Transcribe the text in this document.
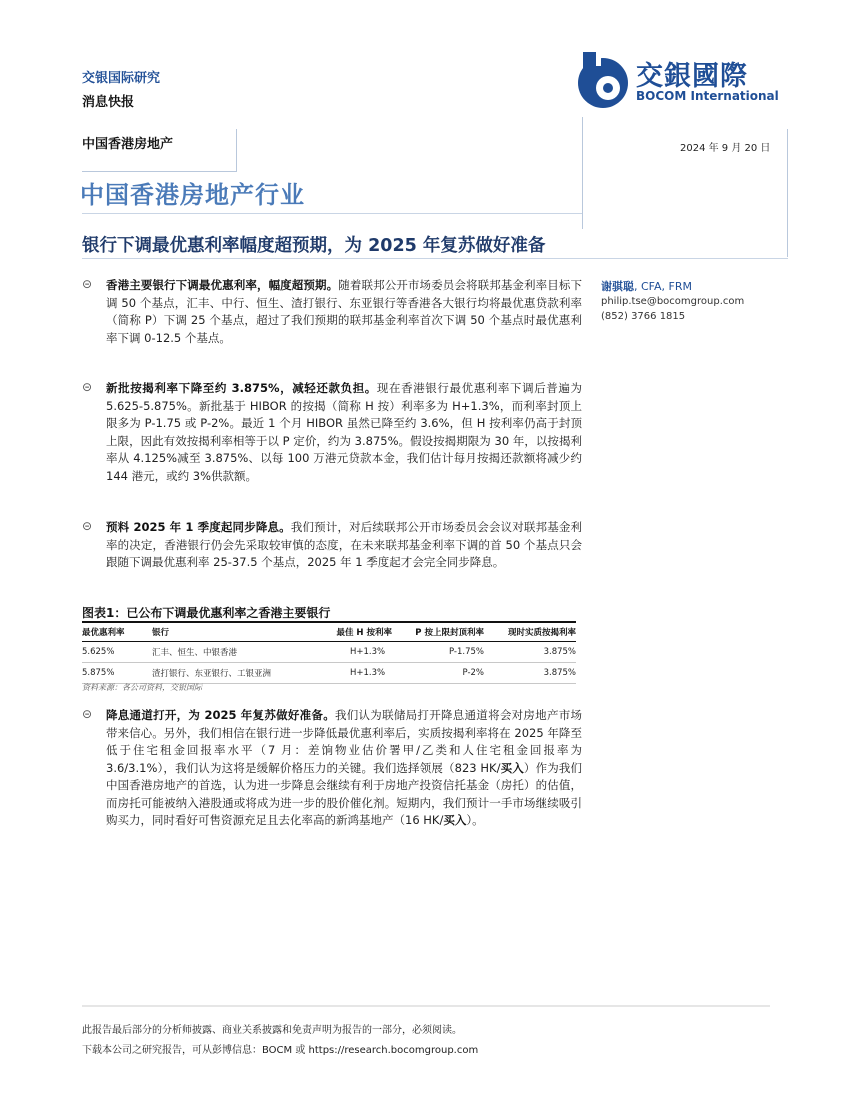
交银国际研究
消息快报
交銀國際
BOCOM International
中国香港房地产	2024 年 9 月 20 日
中国香港房地产行业
银行下调最优惠利率幅度超预期，为 2025 年复苏做好准备
谢骐聪, CFA, FRM
philip.tse@bocomgroup.com
(852) 3766 1815
⊝ 香港主要银行下调最优惠利率，幅度超预期。随着联邦公开市场委员会将联邦基金利率目标下调 50 个基点，汇丰、中行、恒生、渣打银行、东亚银行等香港各大银行均将最优惠贷款利率（简称 P）下调 25 个基点，超过了我们预期的联邦基金利率首次下调 50 个基点时最优惠利率下调 0-12.5 个基点。
⊝ 新批按揭利率下降至约 3.875%，减轻还款负担。现在香港银行最优惠利率下调后普遍为 5.625-5.875%。新批基于 HIBOR 的按揭（简称 H 按）利率多为 H+1.3%，而利率封顶上限多为 P-1.75 或 P-2%。最近 1 个月 HIBOR 虽然已降至约 3.6%，但 H 按利率仍高于封顶上限，因此有效按揭利率相等于以 P 定价，约为 3.875%。假设按揭期限为 30 年，以按揭利率从 4.125%减至 3.875%、以每 100 万港元贷款本金，我们估计每月按揭还款额将减少约 144 港元，或约 3%供款额。
⊝ 预料 2025 年 1 季度起同步降息。我们预计，对后续联邦公开市场委员会会议对联邦基金利率的决定，香港银行仍会先采取较审慎的态度，在未来联邦基金利率下调的首 50 个基点只会跟随下调最优惠利率 25-37.5 个基点，2025 年 1 季度起才会完全同步降息。
图表1：已公布下调最优惠利率之香港主要银行
最优惠利率	银行	最佳 H 按利率	P 按上限封顶利率	现时实质按揭利率
5.625%	汇丰、恒生、中银香港	H+1.3%	P-1.75%	3.875%
5.875%	渣打银行、东亚银行、工银亚洲	H+1.3%	P-2%	3.875%
资料来源：各公司资料，交银国际
⊝ 降息通道打开，为 2025 年复苏做好准备。我们认为联储局打开降息通道将会对房地产市场带来信心。另外，我们相信在银行进一步降低最优惠利率后，实质按揭利率将在 2025 年降至低于住宅租金回报率水平（7 月：差饷物业估价署甲/乙类和人住宅租金回报率为 3.6/3.1%），我们认为这将是缓解价格压力的关键。我们选择领展（823 HK/买入）作为我们中国香港房地产的首选，认为进一步降息会继续有利于房地产投资信托基金（房托）的估值，而房托可能被纳入港股通或将成为进一步的股价催化剂。短期内，我们预计一手市场继续吸引购买力，同时看好可售资源充足且去化率高的新鸿基地产（16 HK/买入）。
此报告最后部分的分析师披露、商业关系披露和免责声明为报告的一部分，必须阅读。
下载本公司之研究报告，可从彭博信息：BOCM 或 https://research.bocomgroup.com
